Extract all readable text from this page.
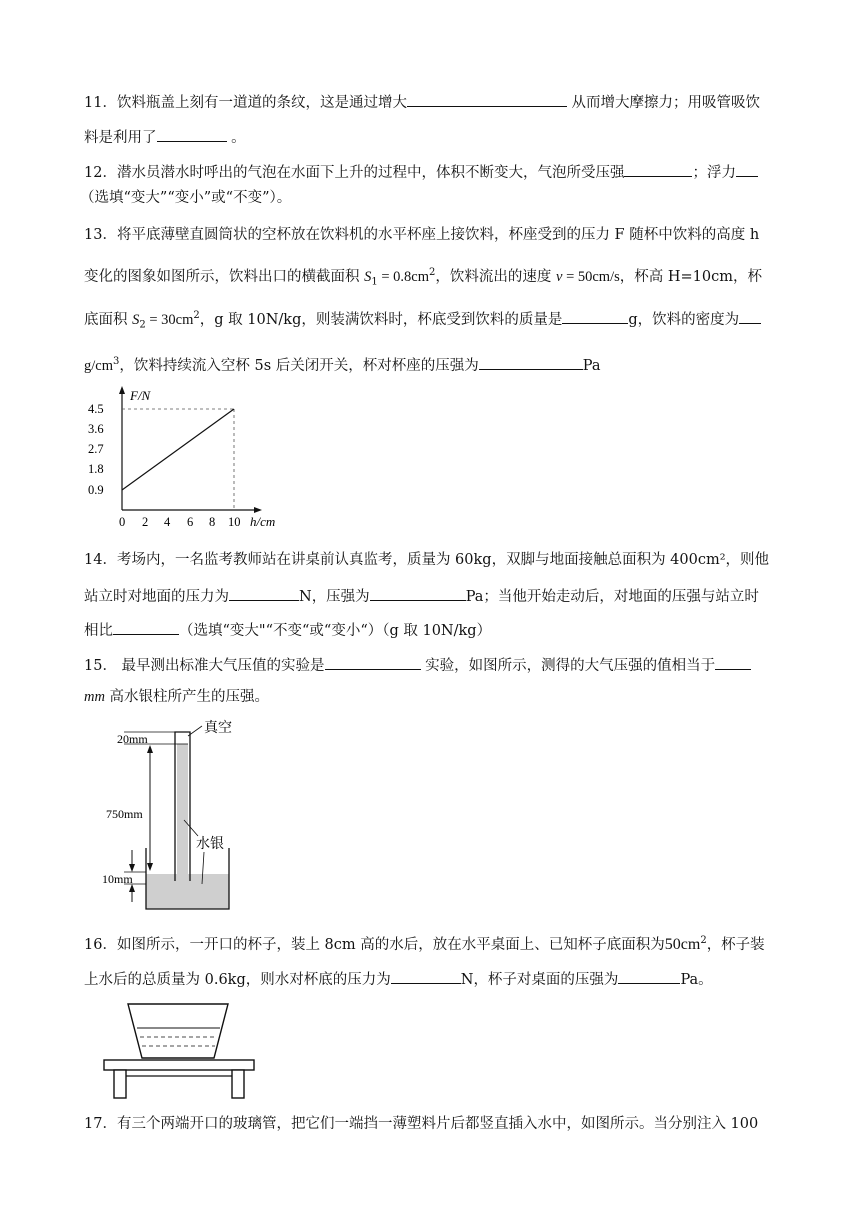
11．饮料瓶盖上刻有一道道的条纹，这是通过增大	从而增大摩擦力；用吸管吸饮
料是利用了	。
12．潜水员潜水时呼出的气泡在水面下上升的过程中，体积不断变大，气泡所受压强	；浮力
（选填“变大”“变小”或“不变”）。
13．将平底薄壁直圆筒状的空杯放在饮料机的水平杯座上接饮料，杯座受到的压力 F 随杯中饮料的高度 h
变化的图象如图所示，饮料出口的横截面积 $S_1 = 0.8cm^2$，饮料流出的速度 v = 50cm/s，杯高 H=10cm，杯
底面积 $S_2 = 30cm^2$，g 取 10N/kg，则装满饮料时，杯底受到饮料的质量是	g，饮料的密度为
$g/cm^3$，饮料持续流入空杯 5s 后关闭开关，杯对杯座的压强为	Pa
F/N
h/cm
4.5
3.6
2.7
1.8
0.9
0 2 4 6 8 10
14．考场内，一名监考教师站在讲桌前认真监考，质量为 60kg，双脚与地面接触总面积为 400cm²，则他
站立时对地面的压力为	N，压强为	Pa；当他开始走动后，对地面的压强与站立时
相比	（选填“变大"“不变“或“变小“）（g 取 10N/kg）
15． 最早测出标准大气压值的实验是	实验，如图所示，测得的大气压强的值相当于
mm 高水银柱所产生的压强。
20mm
真空
750mm
水银
10mm
16．如图所示，一开口的杯子，装上 8cm 高的水后，放在水平桌面上、已知杯子底面积为$50cm^2$，杯子装
上水后的总质量为 0.6kg，则水对杯底的压力为	N，杯子对桌面的压强为	Pa。
17．有三个两端开口的玻璃管，把它们一端挡一薄塑料片后都竖直插入水中，如图所示。当分别注入 100
